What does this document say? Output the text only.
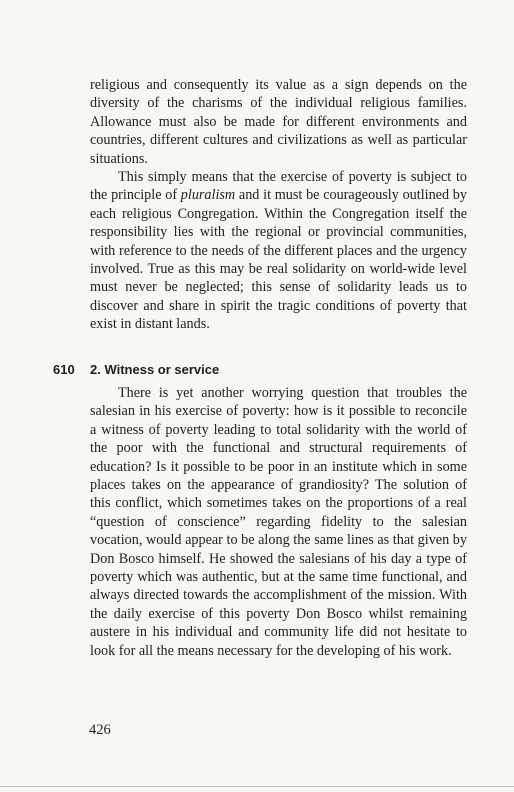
religious and consequently its value as a sign depends on the diversity of the charisms of the individual religious families. Allowance must also be made for different environments and countries, different cultures and civilizations as well as particular situations.

This simply means that the exercise of poverty is subject to the principle of pluralism and it must be courageously outlined by each religious Congregation. Within the Congregation itself the responsibility lies with the regional or provincial communities, with reference to the needs of the different places and the urgency involved. True as this may be real solidarity on world-wide level must never be neglected; this sense of solidarity leads us to discover and share in spirit the tragic conditions of poverty that exist in distant lands.

610 2. Witness or service

There is yet another worrying question that troubles the salesian in his exercise of poverty: how is it possible to reconcile a witness of poverty leading to total solidarity with the world of the poor with the functional and structural requirements of education? Is it possible to be poor in an institute which in some places takes on the appearance of grandiosity? The solution of this conflict, which sometimes takes on the proportions of a real “question of conscience” regarding fidelity to the salesian vocation, would appear to be along the same lines as that given by Don Bosco himself. He showed the salesians of his day a type of poverty which was authentic, but at the same time functional, and always directed towards the accomplishment of the mission. With the daily exercise of this poverty Don Bosco whilst remaining austere in his individual and community life did not hesitate to look for all the means necessary for the developing of his work.

426
